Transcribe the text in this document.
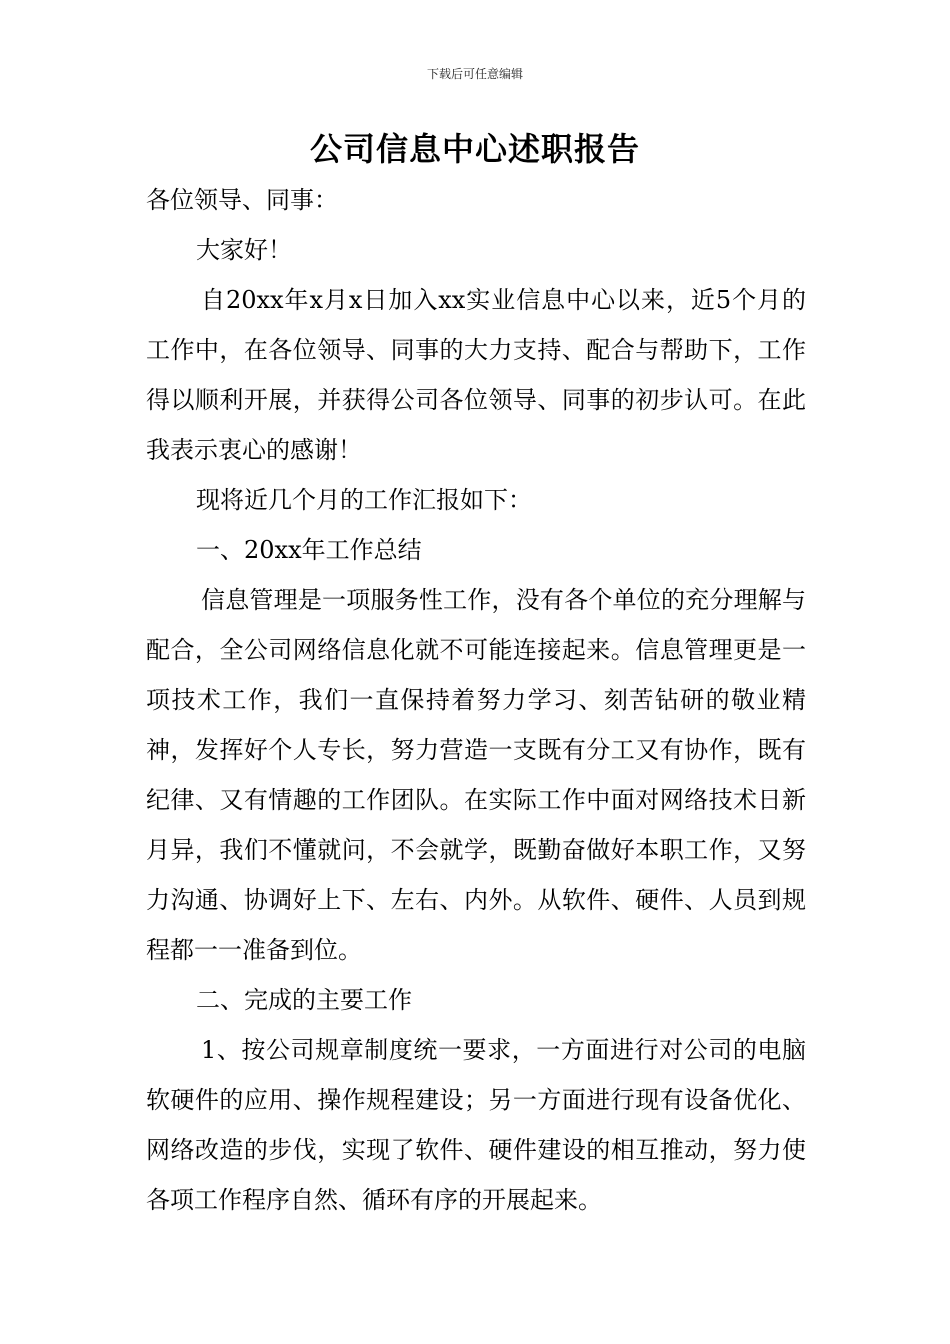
下载后可任意编辑
公司信息中心述职报告

各位领导、同事：

大家好！

自20xx年x月x日加入xx实业信息中心以来，近5个月的工作中，在各位领导、同事的大力支持、配合与帮助下，工作得以顺利开展，并获得公司各位领导、同事的初步认可。在此我表示衷心的感谢！

现将近几个月的工作汇报如下：

一、20xx年工作总结

信息管理是一项服务性工作，没有各个单位的充分理解与配合，全公司网络信息化就不可能连接起来。信息管理更是一项技术工作，我们一直保持着努力学习、刻苦钻研的敬业精神，发挥好个人专长，努力营造一支既有分工又有协作，既有纪律、又有情趣的工作团队。在实际工作中面对网络技术日新月异，我们不懂就问，不会就学，既勤奋做好本职工作，又努力沟通、协调好上下、左右、内外。从软件、硬件、人员到规程都一一准备到位。

二、完成的主要工作

1、按公司规章制度统一要求，一方面进行对公司的电脑软硬件的应用、操作规程建设；另一方面进行现有设备优化、网络改造的步伐，实现了软件、硬件建设的相互推动，努力使各项工作程序自然、循环有序的开展起来。
